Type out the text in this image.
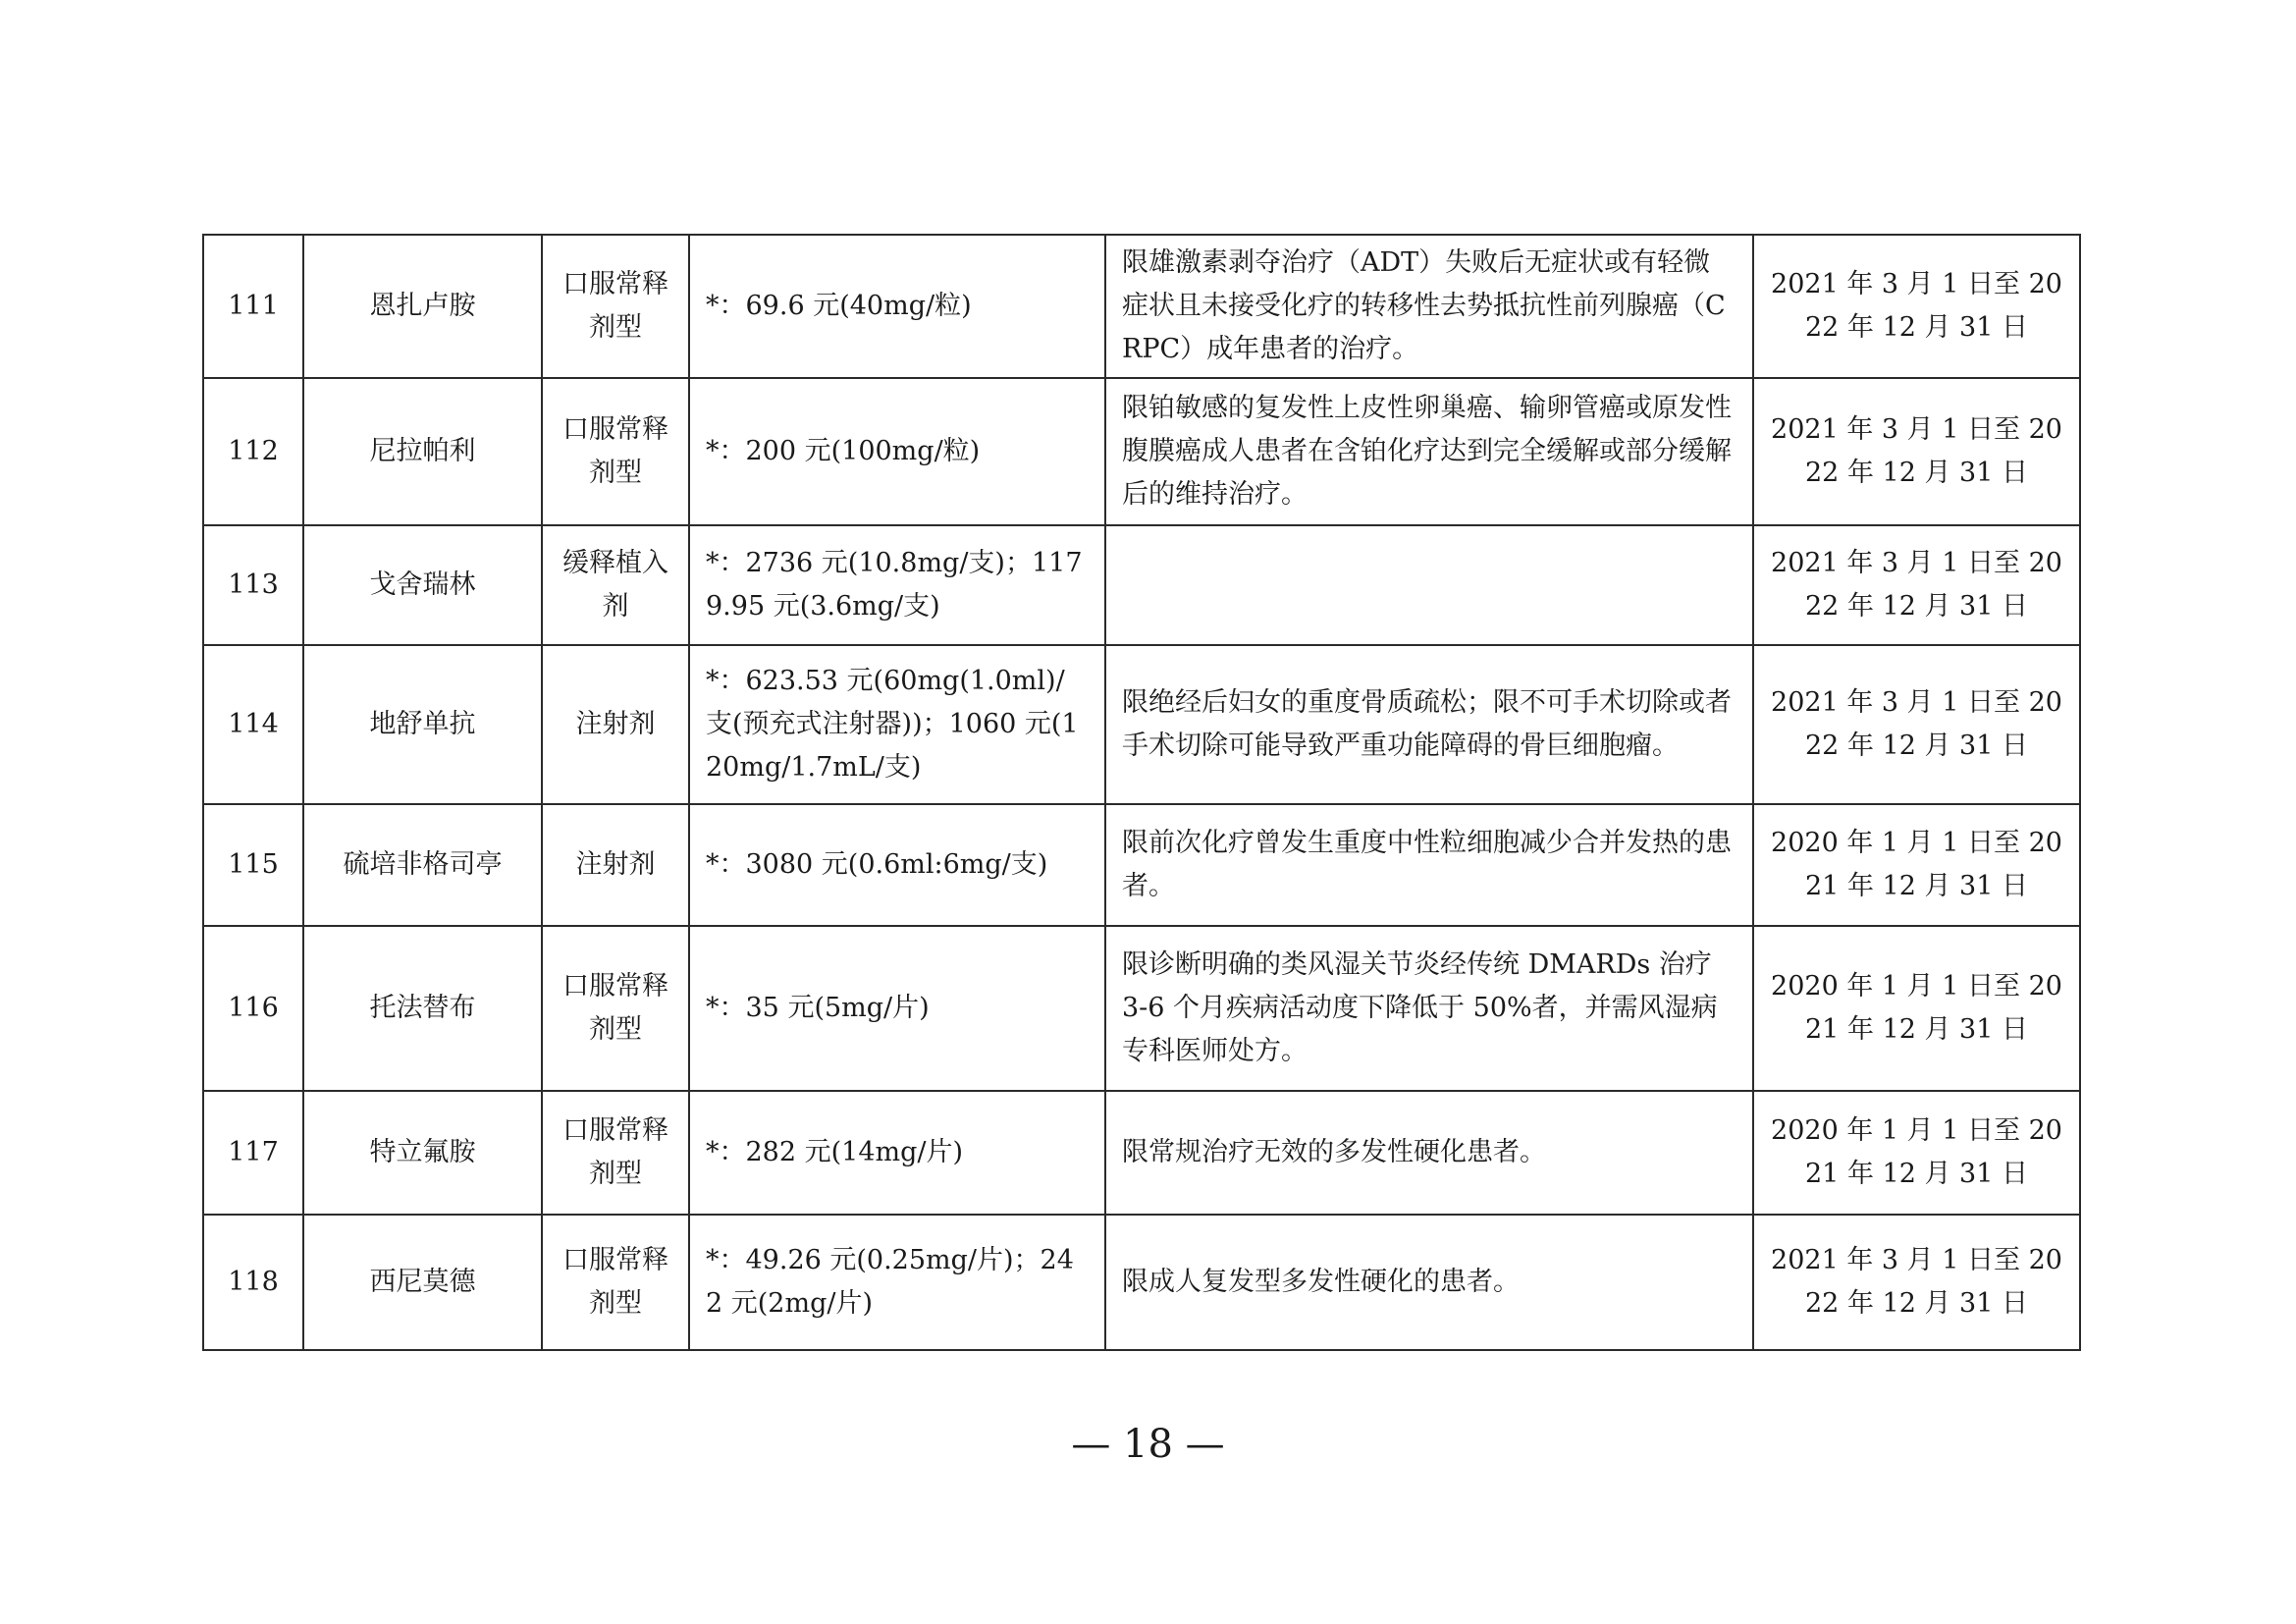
111	恩扎卢胺	口服常释剂型	*：69.6 元(40mg/粒)	限雄激素剥夺治疗（ADT）失败后无症状或有轻微症状且未接受化疗的转移性去势抵抗性前列腺癌（CRPC）成年患者的治疗。	2021 年 3 月 1 日至 2022 年 12 月 31 日
112	尼拉帕利	口服常释剂型	*：200 元(100mg/粒)	限铂敏感的复发性上皮性卵巢癌、输卵管癌或原发性腹膜癌成人患者在含铂化疗达到完全缓解或部分缓解后的维持治疗。	2021 年 3 月 1 日至 2022 年 12 月 31 日
113	戈舍瑞林	缓释植入剂	*：2736 元(10.8mg/支)；1179.95 元(3.6mg/支)		2021 年 3 月 1 日至 2022 年 12 月 31 日
114	地舒单抗	注射剂	*：623.53 元(60mg(1.0ml)/支(预充式注射器))；1060 元(120mg/1.7mL/支)	限绝经后妇女的重度骨质疏松；限不可手术切除或者手术切除可能导致严重功能障碍的骨巨细胞瘤。	2021 年 3 月 1 日至 2022 年 12 月 31 日
115	硫培非格司亭	注射剂	*：3080 元(0.6ml:6mg/支)	限前次化疗曾发生重度中性粒细胞减少合并发热的患者。	2020 年 1 月 1 日至 2021 年 12 月 31 日
116	托法替布	口服常释剂型	*：35 元(5mg/片)	限诊断明确的类风湿关节炎经传统 DMARDs 治疗 3-6 个月疾病活动度下降低于 50%者，并需风湿病专科医师处方。	2020 年 1 月 1 日至 2021 年 12 月 31 日
117	特立氟胺	口服常释剂型	*：282 元(14mg/片)	限常规治疗无效的多发性硬化患者。	2020 年 1 月 1 日至 2021 年 12 月 31 日
118	西尼莫德	口服常释剂型	*：49.26 元(0.25mg/片)；242 元(2mg/片)	限成人复发型多发性硬化的患者。	2021 年 3 月 1 日至 2022 年 12 月 31 日
— 18 —
